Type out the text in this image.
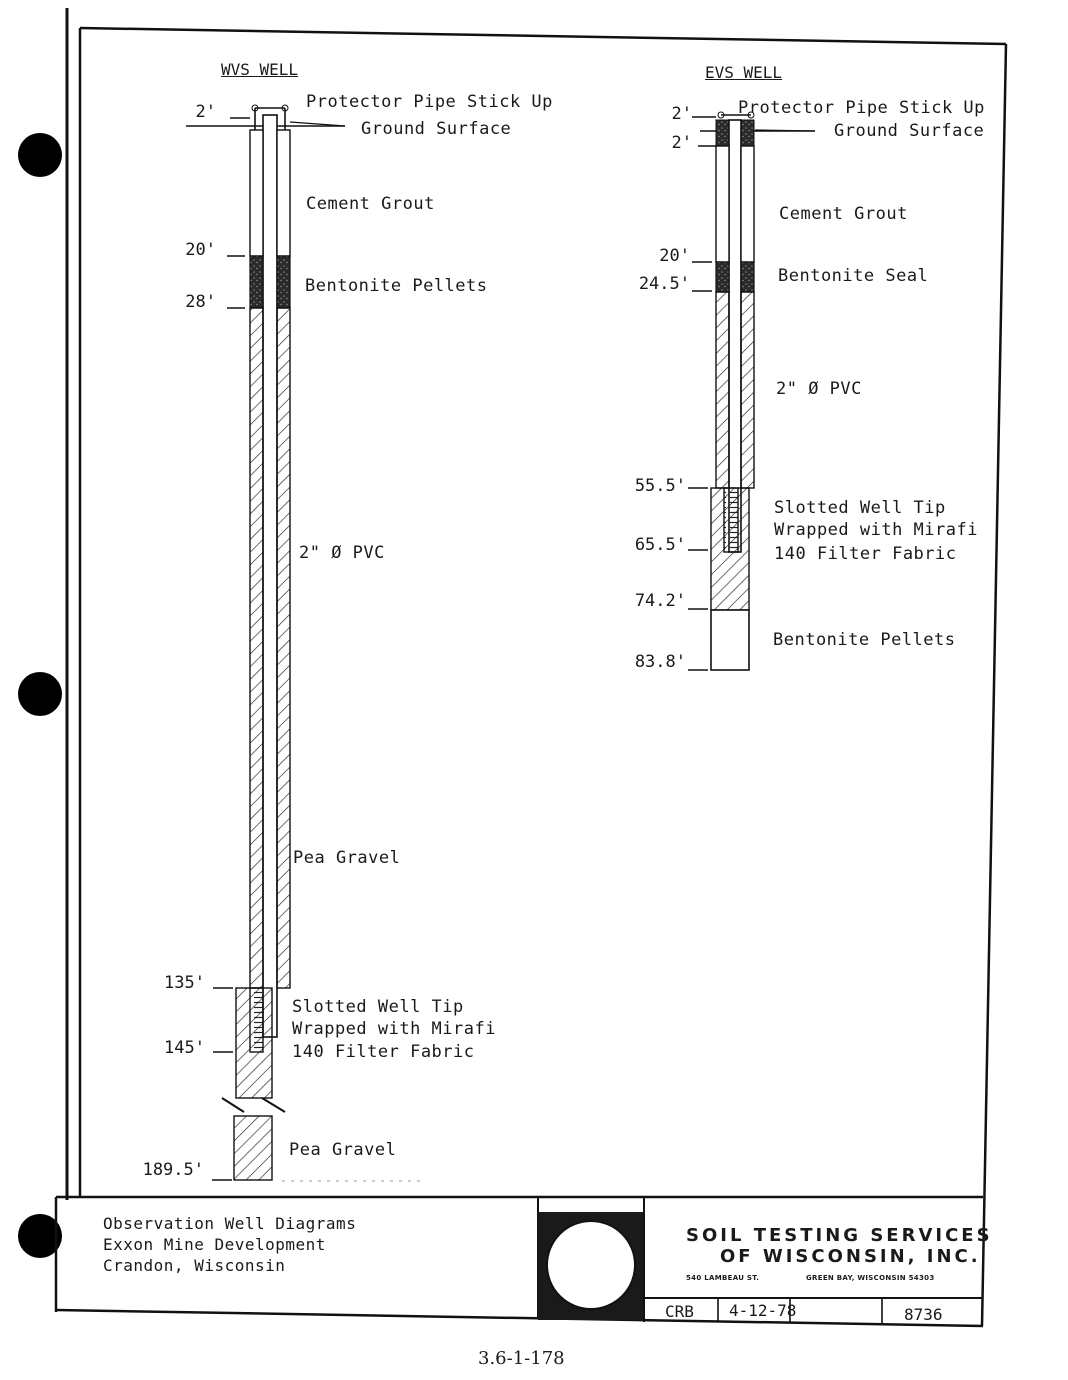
WVS WELL
Protector Pipe Stick Up
Ground Surface
Cement Grout
Bentonite Pellets
2" Ø PVC
Pea Gravel
Slotted Well Tip
Wrapped with Mirafi
140 Filter Fabric
Pea Gravel
2'
20'
28'
135'
145'
189.5'
EVS WELL
Protector Pipe Stick Up
Ground Surface
Cement Grout
Bentonite Seal
2" Ø PVC
Slotted Well Tip
Wrapped with Mirafi
140 Filter Fabric
Bentonite Pellets
2'
2'
20'
24.5'
55.5'
65.5'
74.2'
83.8'
Observation Well Diagrams
Exxon Mine Development
Crandon, Wisconsin
SOIL TESTING SERVICES
OF WISCONSIN, INC.
540 LAMBEAU ST.	GREEN BAY, WISCONSIN 54303
CRB 4-12-78	8736
3.6-1-178
